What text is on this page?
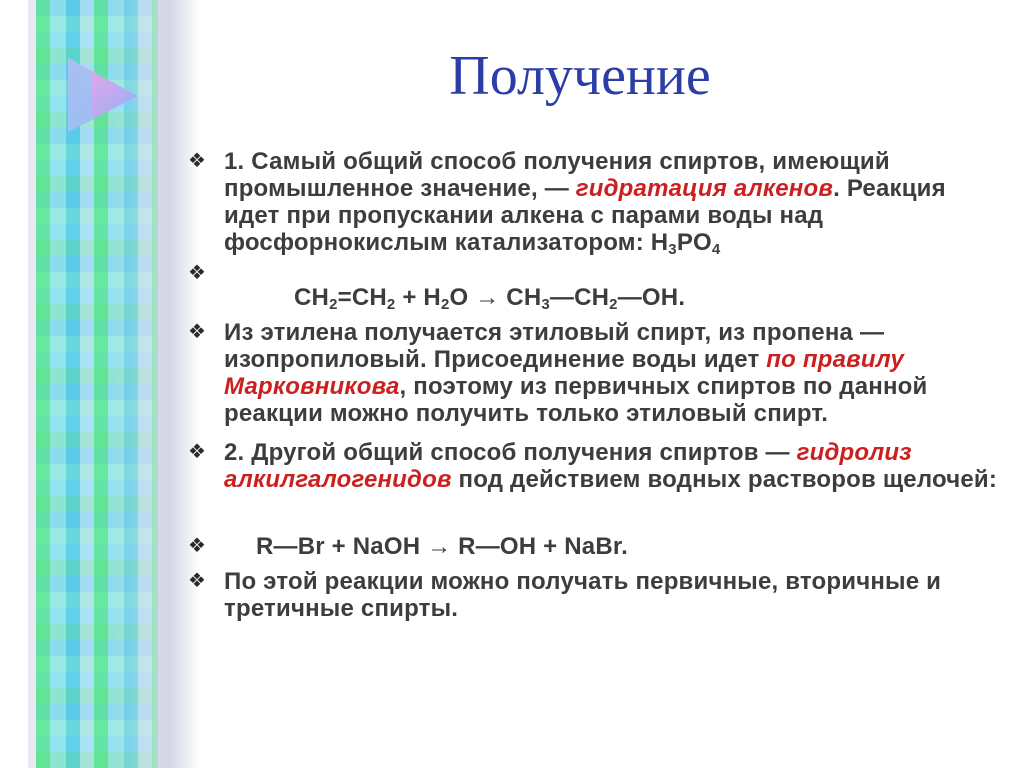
Получение
❖ 1. Самый общий способ получения спиртов, имеющий промышленное значение, — гидратация алкенов. Реакция идет при пропускании алкена с парами воды над фосфорнокислым катализатором: $H_3PO_4$
❖
$CH_2=CH_2 + H_2O$ → $CH_3—CH_2—OH$.
❖ Из этилена получается этиловый спирт, из пропена — изопропиловый. Присоединение воды идет по правилу Марковникова, поэтому из первичных спиртов по данной реакции можно получить только этиловый спирт.
❖ 2. Другой общий способ получения спиртов — гидролиз алкилгалогенидов под действием водных растворов щелочей:
❖ R—Br + NaOH → R—OH + NaBr.
❖ По этой реакции можно получать первичные, вторичные и третичные спирты.
